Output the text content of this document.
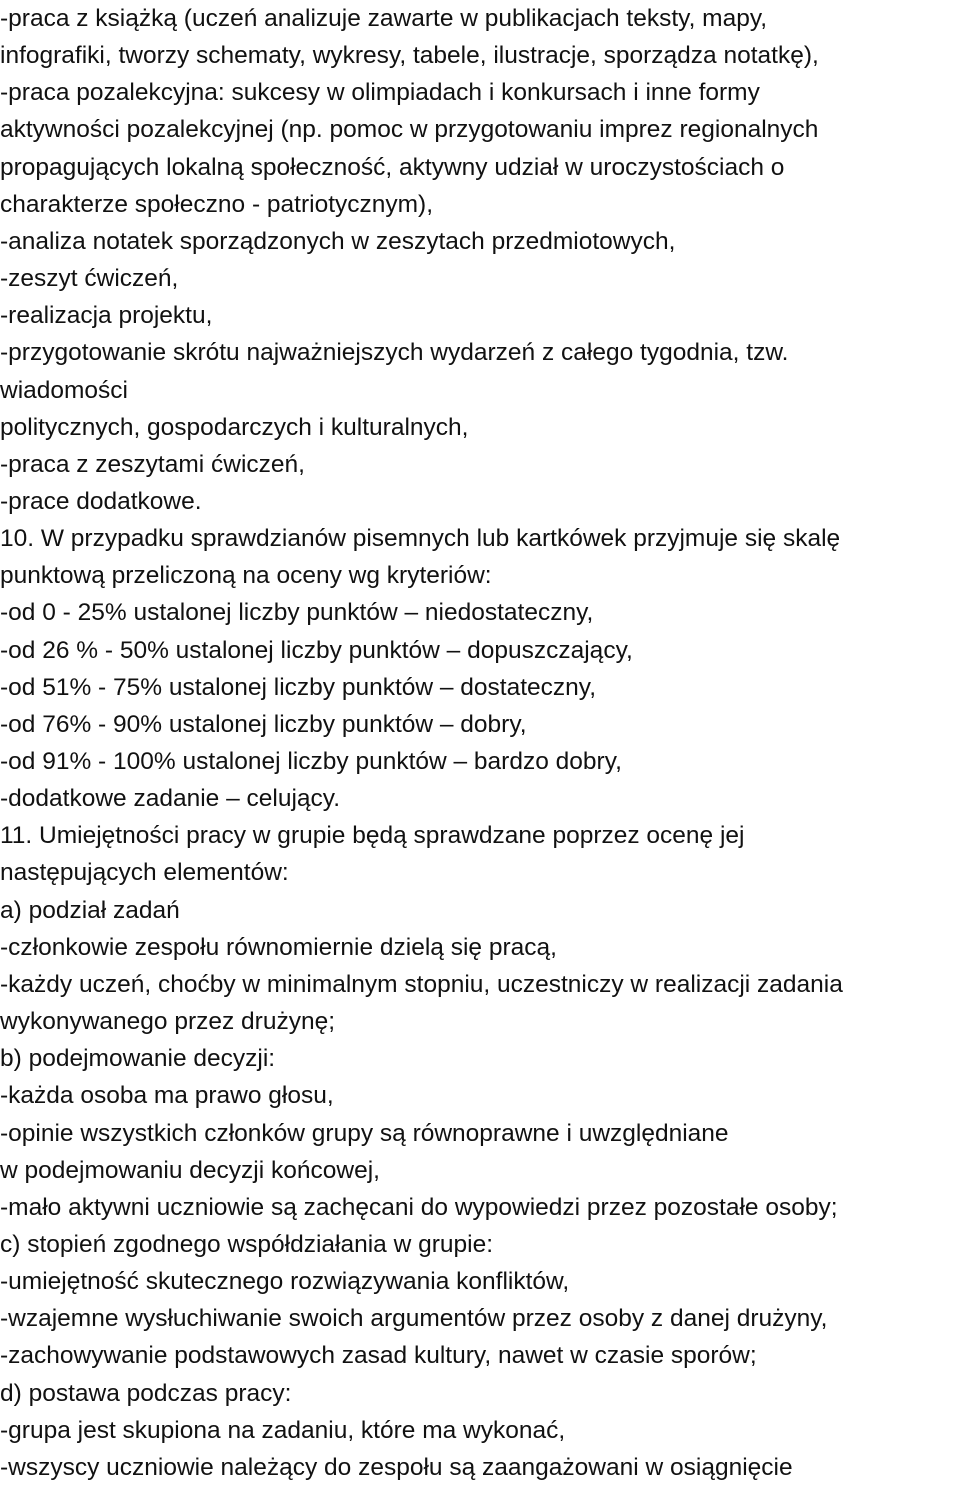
-praca z książką (uczeń analizuje zawarte w publikacjach teksty, mapy,
infografiki, tworzy schematy, wykresy, tabele, ilustracje, sporządza notatkę),
-praca pozalekcyjna: sukcesy w olimpiadach i konkursach i inne formy
aktywności pozalekcyjnej (np. pomoc w przygotowaniu imprez regionalnych
propagujących lokalną społeczność, aktywny udział w uroczystościach o
charakterze społeczno - patriotycznym),
-analiza notatek sporządzonych w zeszytach przedmiotowych,
-zeszyt ćwiczeń,
-realizacja projektu,
-przygotowanie skrótu najważniejszych wydarzeń z całego tygodnia, tzw.
wiadomości
politycznych, gospodarczych i kulturalnych,
-praca z zeszytami ćwiczeń,
-prace dodatkowe.
10. W przypadku sprawdzianów pisemnych lub kartkówek przyjmuje się skalę
punktową przeliczoną na oceny wg kryteriów:
-od 0 - 25% ustalonej liczby punktów – niedostateczny,
-od 26 % - 50% ustalonej liczby punktów – dopuszczający,
-od 51% - 75% ustalonej liczby punktów – dostateczny,
-od 76% - 90% ustalonej liczby punktów – dobry,
-od 91% - 100% ustalonej liczby punktów – bardzo dobry,
-dodatkowe zadanie – celujący.
11. Umiejętności pracy w grupie będą sprawdzane poprzez ocenę jej
następujących elementów:
a) podział zadań
-członkowie zespołu równomiernie dzielą się pracą,
-każdy uczeń, choćby w minimalnym stopniu, uczestniczy w realizacji zadania
wykonywanego przez drużynę;
b) podejmowanie decyzji:
-każda osoba ma prawo głosu,
-opinie wszystkich członków grupy są równoprawne i uwzględniane
w podejmowaniu decyzji końcowej,
-mało aktywni uczniowie są zachęcani do wypowiedzi przez pozostałe osoby;
c) stopień zgodnego współdziałania w grupie:
-umiejętność skutecznego rozwiązywania konfliktów,
-wzajemne wysłuchiwanie swoich argumentów przez osoby z danej drużyny,
-zachowywanie podstawowych zasad kultury, nawet w czasie sporów;
d) postawa podczas pracy:
-grupa jest skupiona na zadaniu, które ma wykonać,
-wszyscy uczniowie należący do zespołu są zaangażowani w osiągnięcie
